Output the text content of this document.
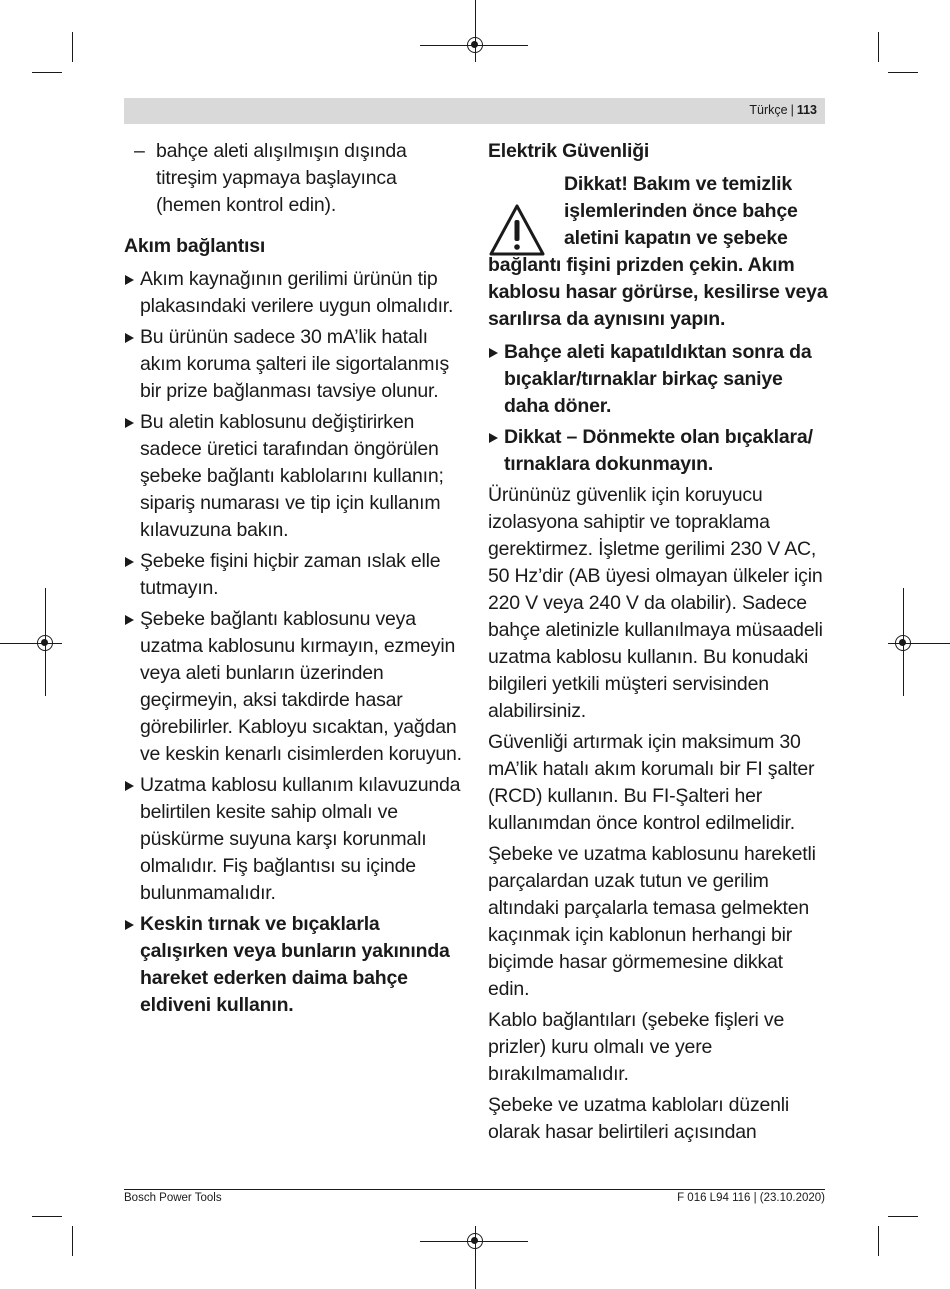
Türkçe | 113
– bahçe aleti alışılmışın dışında titreşim yapmaya başlayınca (hemen kontrol edin).
Akım bağlantısı
Akım kaynağının gerilimi ürünün tip plakasındaki verilere uygun olmalıdır.
Bu ürünün sadece 30 mA’lik hatalı akım koruma şalteri ile sigortalanmış bir prize bağlanması tavsiye olunur.
Bu aletin kablosunu değiştirirken sadece üretici tarafından öngörülen şebeke bağlantı kablolarını kullanın; sipariş numarası ve tip için kullanım kılavuzuna bakın.
Şebeke fişini hiçbir zaman ıslak elle tutmayın.
Şebeke bağlantı kablosunu veya uzatma kablosunu kırmayın, ezmeyin veya aleti bunların üzerinden geçirmeyin, aksi takdirde hasar görebilirler. Kabloyu sıcaktan, yağdan ve keskin kenarlı cisimlerden koruyun.
Uzatma kablosu kullanım kılavuzunda belirtilen kesite sahip olmalı ve püskürme suyuna karşı korunmalı olmalıdır. Fiş bağlantısı su içinde bulunmamalıdır.
Keskin tırnak ve bıçaklarla çalışırken veya bunların yakınında hareket ederken daima bahçe eldiveni kullanın.
Elektrik Güvenliği
Dikkat! Bakım ve temizlik işlemlerinden önce bahçe aletini kapatın ve şebeke
bağlantı fişini prizden çekin. Akım kablosu hasar görürse, kesilirse veya sarılırsa da aynısını yapın.
Bahçe aleti kapatıldıktan sonra da bıçaklar/tırnaklar birkaç saniye daha döner.
Dikkat – Dönmekte olan bıçaklara/ tırnaklara dokunmayın.

Ürününüz güvenlik için koruyucu izolasyona sahiptir ve topraklama gerektirmez. İşletme gerilimi 230 V AC, 50 Hz’dir (AB üyesi olmayan ülkeler için 220 V veya 240 V da olabilir). Sadece bahçe aletinizle kullanılmaya müsaadeli uzatma kablosu kullanın. Bu konudaki bilgileri yetkili müşteri servisinden alabilirsiniz.

Güvenliği artırmak için maksimum 30 mA’lik hatalı akım korumalı bir FI şalter (RCD) kullanın. Bu FI-Şalteri her kullanımdan önce kontrol edilmelidir.

Şebeke ve uzatma kablosunu hareketli parçalardan uzak tutun ve gerilim altındaki parçalarla temasa gelmekten kaçınmak için kablonun herhangi bir biçimde hasar görmemesine dikkat edin.

Kablo bağlantıları (şebeke fişleri ve prizler) kuru olmalı ve yere bırakılmamalıdır.

Şebeke ve uzatma kabloları düzenli olarak hasar belirtileri açısından

Bosch Power Tools	F 016 L94 116 | (23.10.2020)
